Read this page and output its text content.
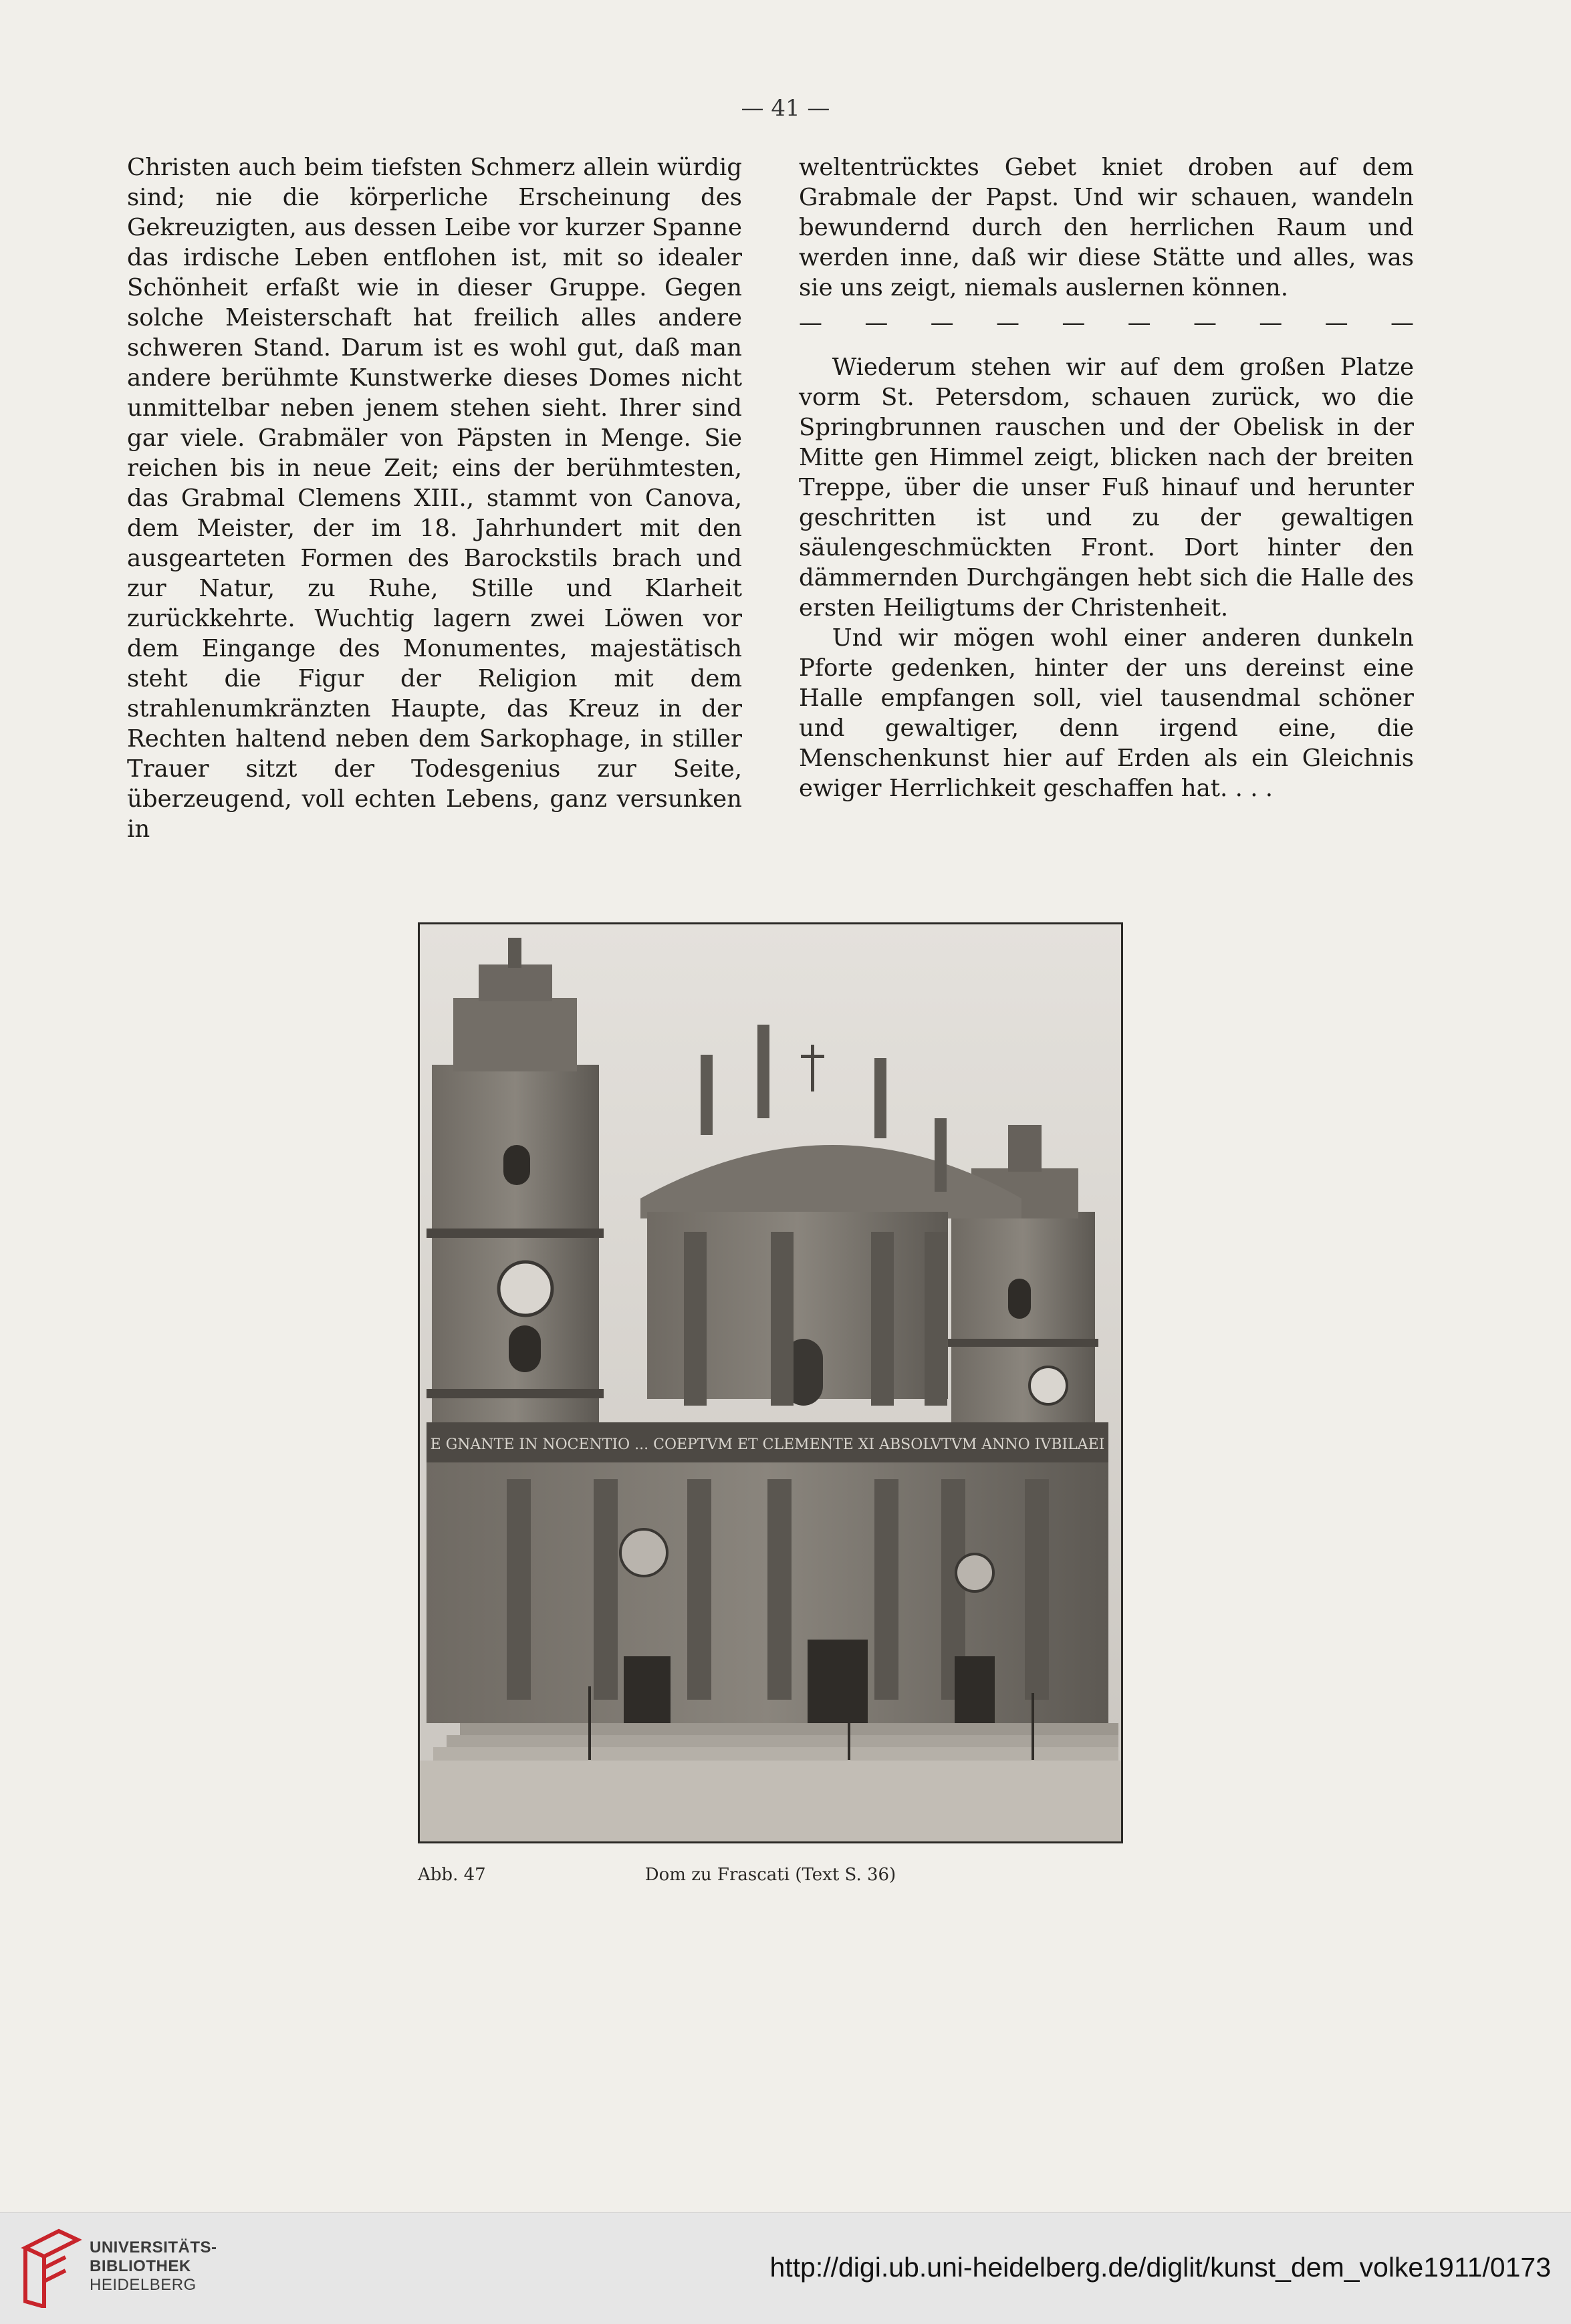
— 41 —

Christen auch beim tiefsten Schmerz allein würdig sind; nie die körperliche Erscheinung des Gekreuzigten, aus dessen Leibe vor kurzer Spanne das irdische Leben entflohen ist, mit so idealer Schönheit erfaßt wie in dieser Gruppe. Gegen solche Meisterschaft hat freilich alles andere schweren Stand. Darum ist es wohl gut, daß man andere berühmte Kunstwerke dieses Domes nicht unmittelbar neben jenem stehen sieht. Ihrer sind gar viele. Grabmäler von Päpsten in Menge. Sie reichen bis in neue Zeit; eins der berühmtesten, das Grabmal Clemens XIII., stammt von Canova, dem Meister, der im 18. Jahrhundert mit den ausgearteten Formen des Barockstils brach und zur Natur, zu Ruhe, Stille und Klarheit zurückkehrte. Wuchtig lagern zwei Löwen vor dem Eingange des Monumentes, majestätisch steht die Figur der Religion mit dem strahlenumkränzten Haupte, das Kreuz in der Rechten haltend neben dem Sarkophage, in stiller Trauer sitzt der Todesgenius zur Seite, überzeugend, voll echten Lebens, ganz versunken in

weltentrücktes Gebet kniet droben auf dem Grabmale der Papst. Und wir schauen, wandeln bewundernd durch den herrlichen Raum und werden inne, daß wir diese Stätte und alles, was sie uns zeigt, niemals auslernen können.

— — — — — — — — — —

Wiederum stehen wir auf dem großen Platze vorm St. Petersdom, schauen zurück, wo die Springbrunnen rauschen und der Obelisk in der Mitte gen Himmel zeigt, blicken nach der breiten Treppe, über die unser Fuß hinauf und herunter geschritten ist und zu der gewaltigen säulengeschmückten Front. Dort hinter den dämmernden Durchgängen hebt sich die Halle des ersten Heiligtums der Christenheit.

Und wir mögen wohl einer anderen dunkeln Pforte gedenken, hinter der uns dereinst eine Halle empfangen soll, viel tausendmal schöner und gewaltiger, denn irgend eine, die Menschenkunst hier auf Erden als ein Gleichnis ewiger Herrlichkeit geschaffen hat. . . .

E GNANTE IN NOCENTIO ... COEPTVM ET CLEMENTE XI ABSOLVTVM ANNO IVBILAEI
Abb. 47	Dom zu Frascati (Text S. 36)
UNIVERSITÄTS-
BIBLIOTHEK
HEIDELBERG
http://digi.ub.uni-heidelberg.de/diglit/kunst_dem_volke1911/0173
